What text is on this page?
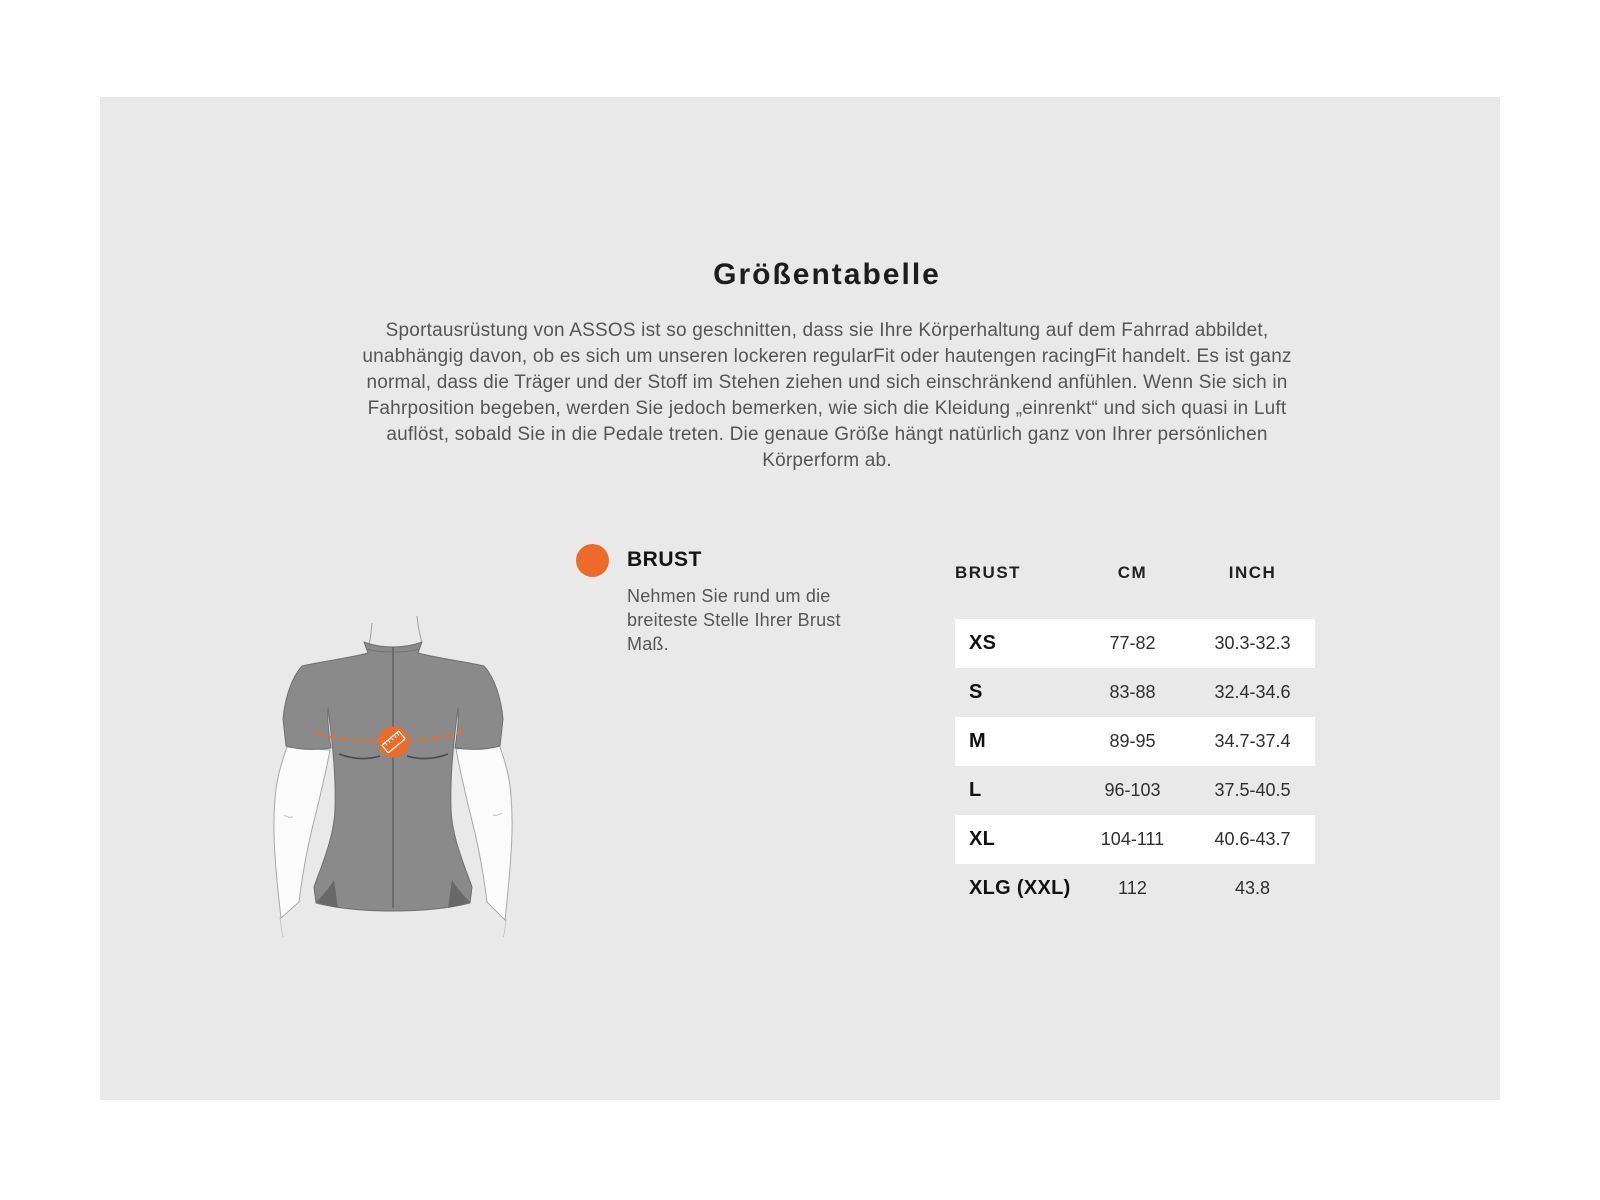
Größentabelle

Sportausrüstung von ASSOS ist so geschnitten, dass sie Ihre Körperhaltung auf dem Fahrrad abbildet, unabhängig davon, ob es sich um unseren lockeren regularFit oder hautengen racingFit handelt. Es ist ganz normal, dass die Träger und der Stoff im Stehen ziehen und sich einschränkend anfühlen. Wenn Sie sich in Fahrposition begeben, werden Sie jedoch bemerken, wie sich die Kleidung „einrenkt“ und sich quasi in Luft auflöst, sobald Sie in die Pedale treten. Die genaue Größe hängt natürlich ganz von Ihrer persönlichen Körperform ab.

BRUST

Nehmen Sie rund um die breiteste Stelle Ihrer Brust Maß.

BRUST	CM	INCH
XS	77-82	30.3-32.3
S	83-88	32.4-34.6
M	89-95	34.7-37.4
L	96-103	37.5-40.5
XL	104-111	40.6-43.7
XLG (XXL)	112	43.8
